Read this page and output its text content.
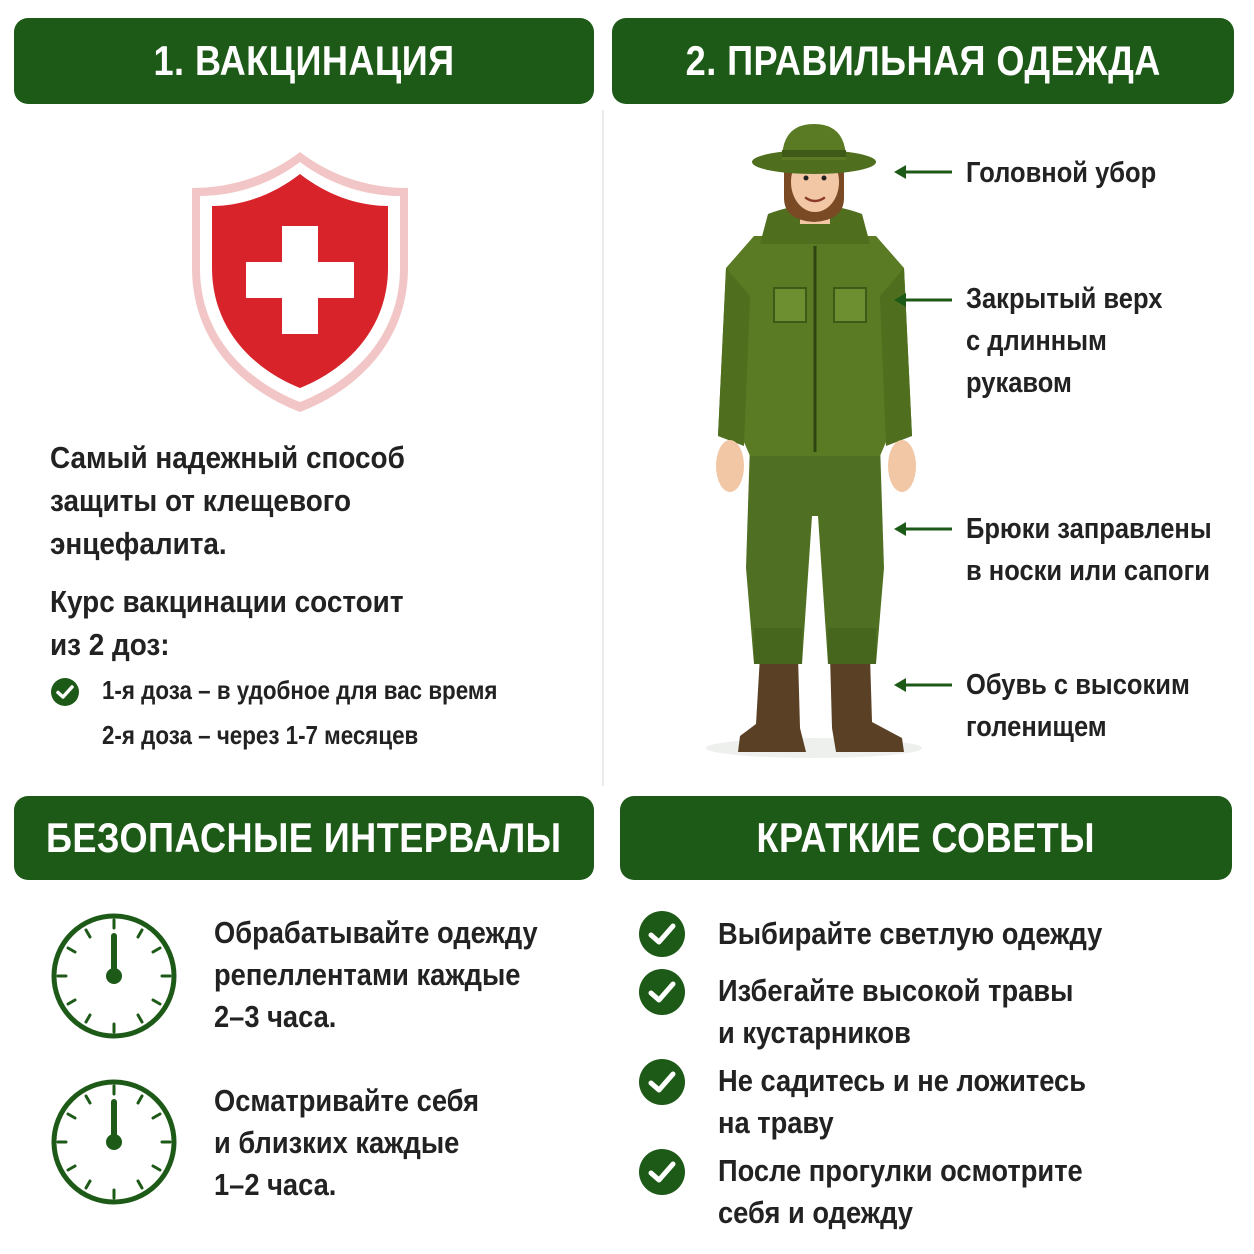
1. ВАКЦИНАЦИЯ	2. ПРАВИЛЬНАЯ ОДЕЖДА
БЕЗОПАСНЫЕ ИНТЕРВАЛЫ	КРАТКИЕ СОВЕТЫ
Самый надежный способ
защиты от клещевого
энцефалита.
Курс вакцинации состоит
из 2 доз:
1-я доза – в удобное для вас время
2-я доза – через 1-7 месяцев
Головной убор
Закрытый верх
с длинным
рукавом
Брюки заправлены
в носки или сапоги
Обувь с высоким
голенищем
Обрабатывайте одежду
репеллентами каждые
2–3 часа.
Осматривайте себя
и близких каждые
1–2 часа.
Выбирайте светлую одежду
Избегайте высокой травы
и кустарников
Не садитесь и не ложитесь
на траву
После прогулки осмотрите
себя и одежду
